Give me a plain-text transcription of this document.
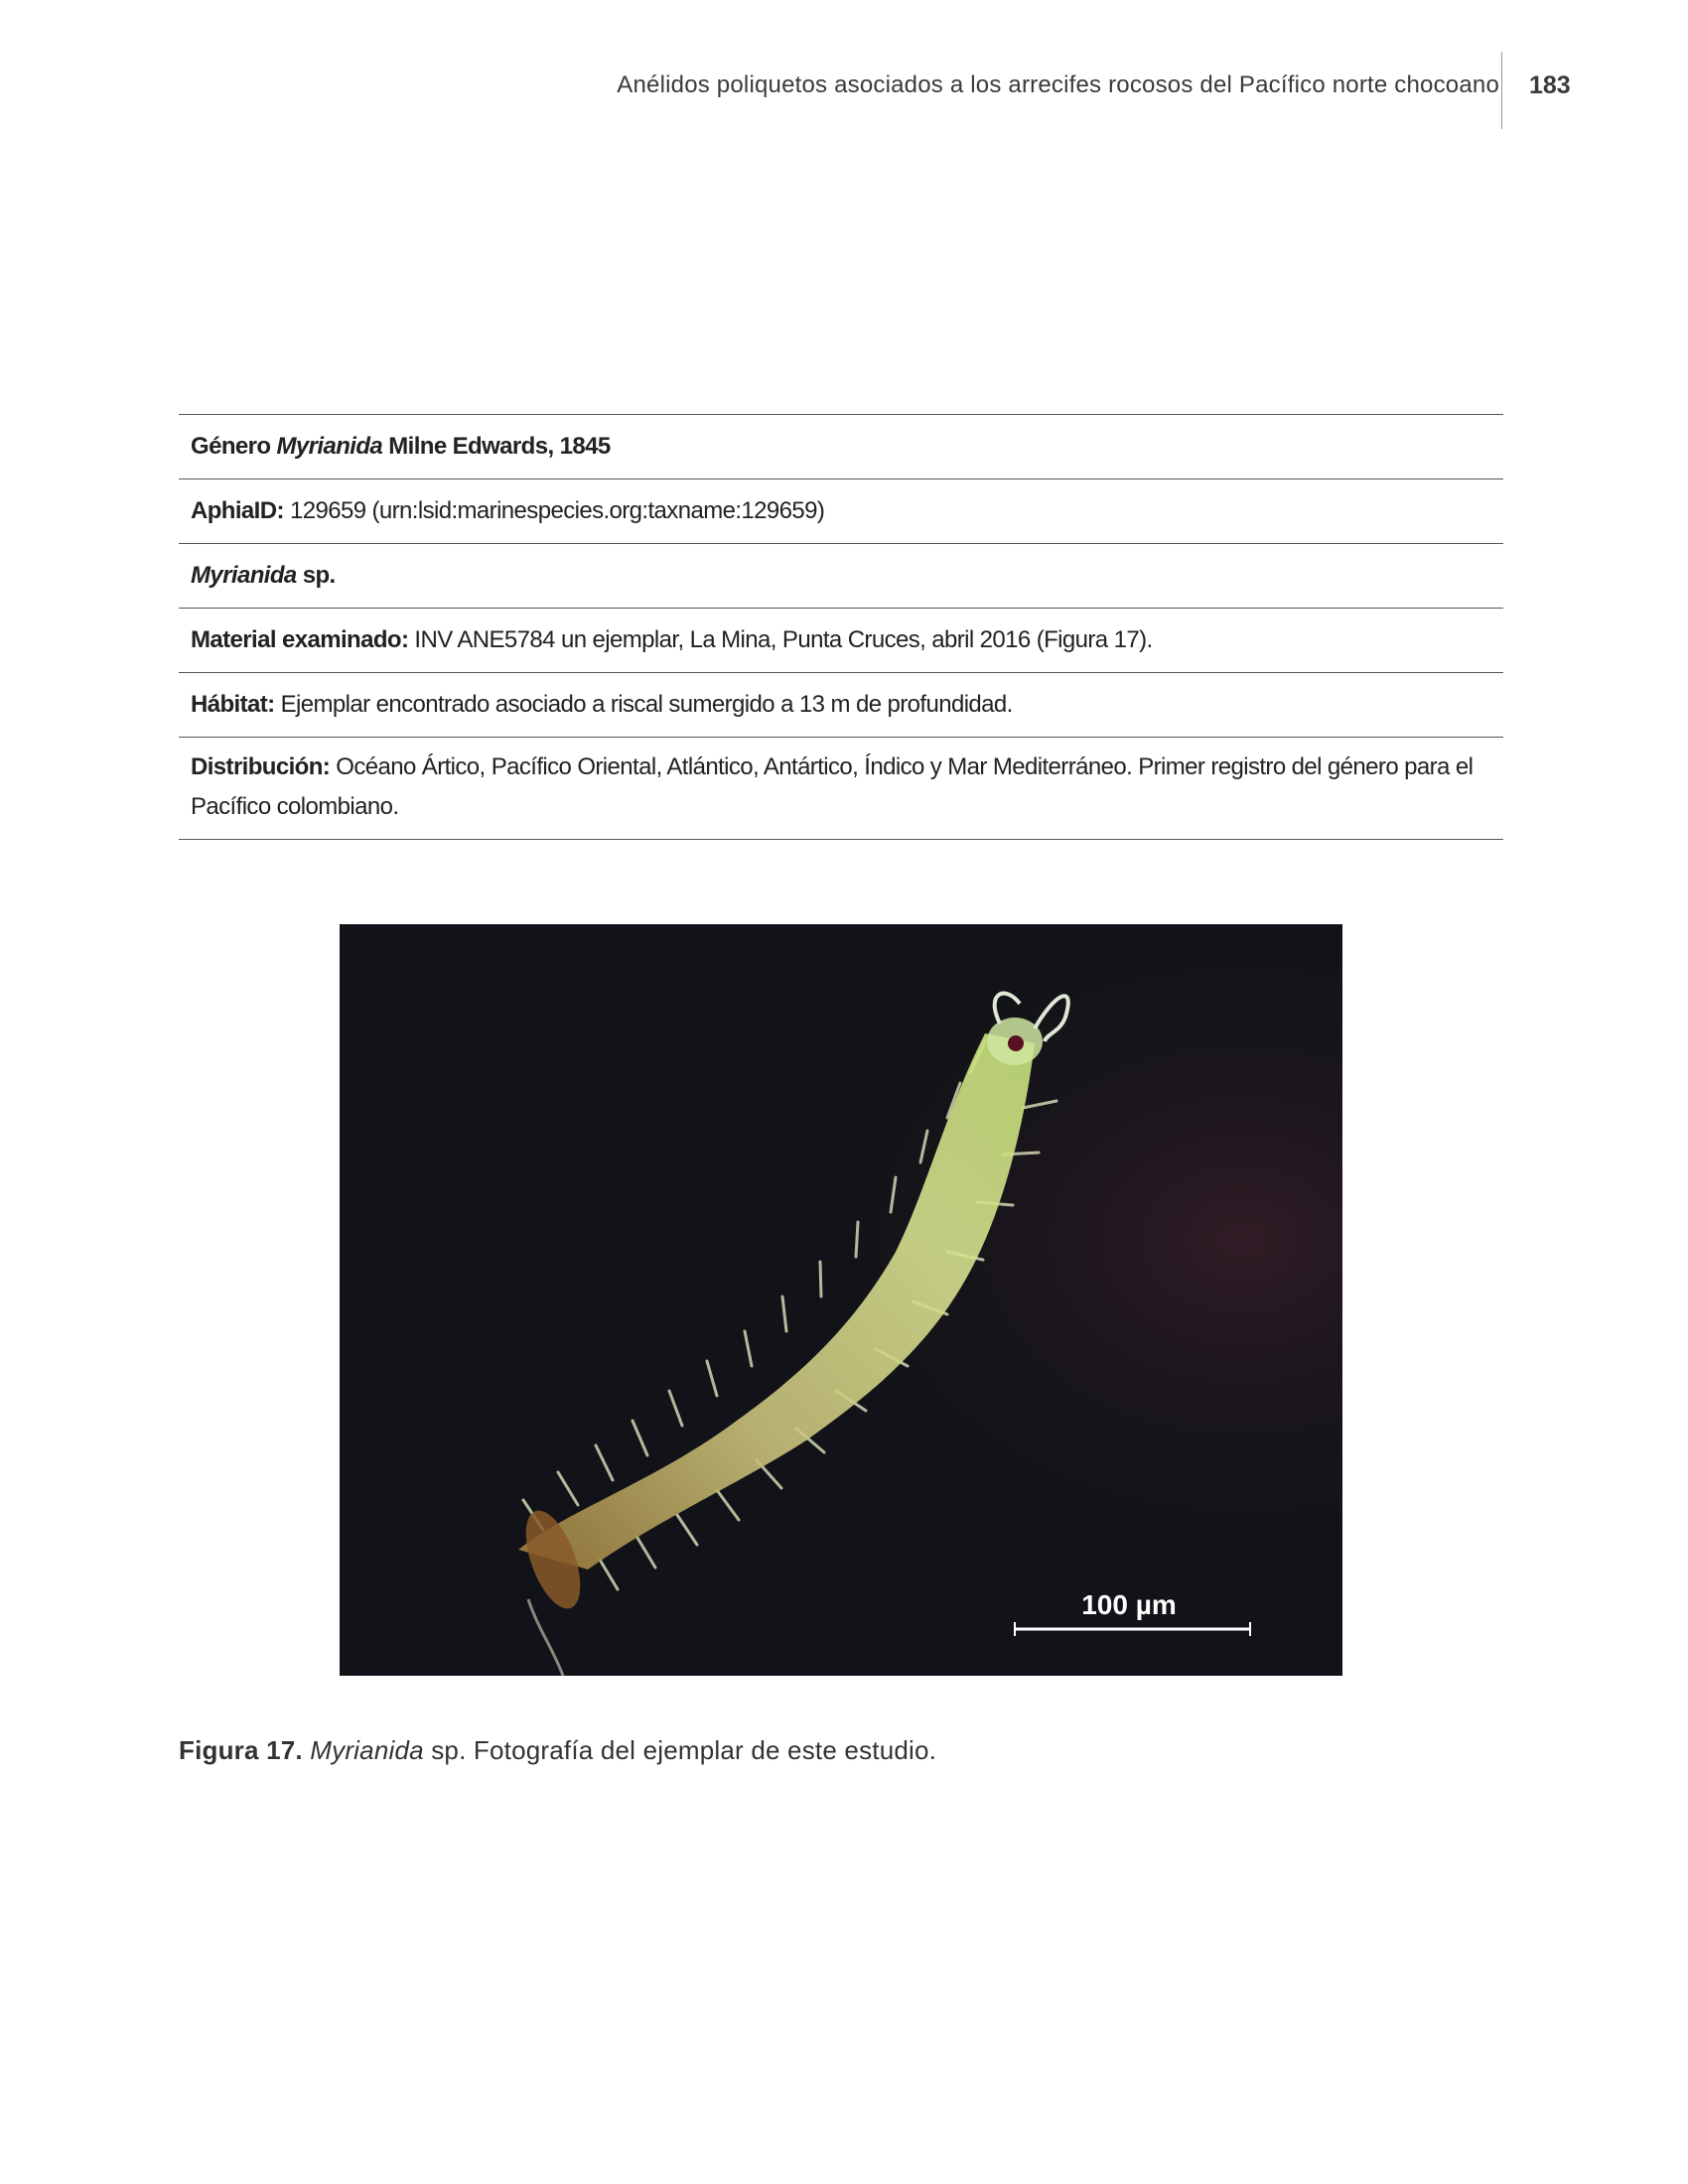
Anélidos poliquetos asociados a los arrecifes rocosos del Pacífico norte chocoano 183
Género Myrianida Milne Edwards, 1845
AphiaID: 129659 (urn:lsid:marinespecies.org:taxname:129659)
Myrianida sp.
Material examinado: INV ANE5784 un ejemplar, La Mina, Punta Cruces, abril 2016 (Figura 17).
Hábitat: Ejemplar encontrado asociado a riscal sumergido a 13 m de profundidad.
Distribución: Océano Ártico, Pacífico Oriental, Atlántico, Antártico, Índico y Mar Mediterráneo. Primer registro del género para el Pacífico colombiano.
100 µm
Figura 17. Myrianida sp. Fotografía del ejemplar de este estudio.
